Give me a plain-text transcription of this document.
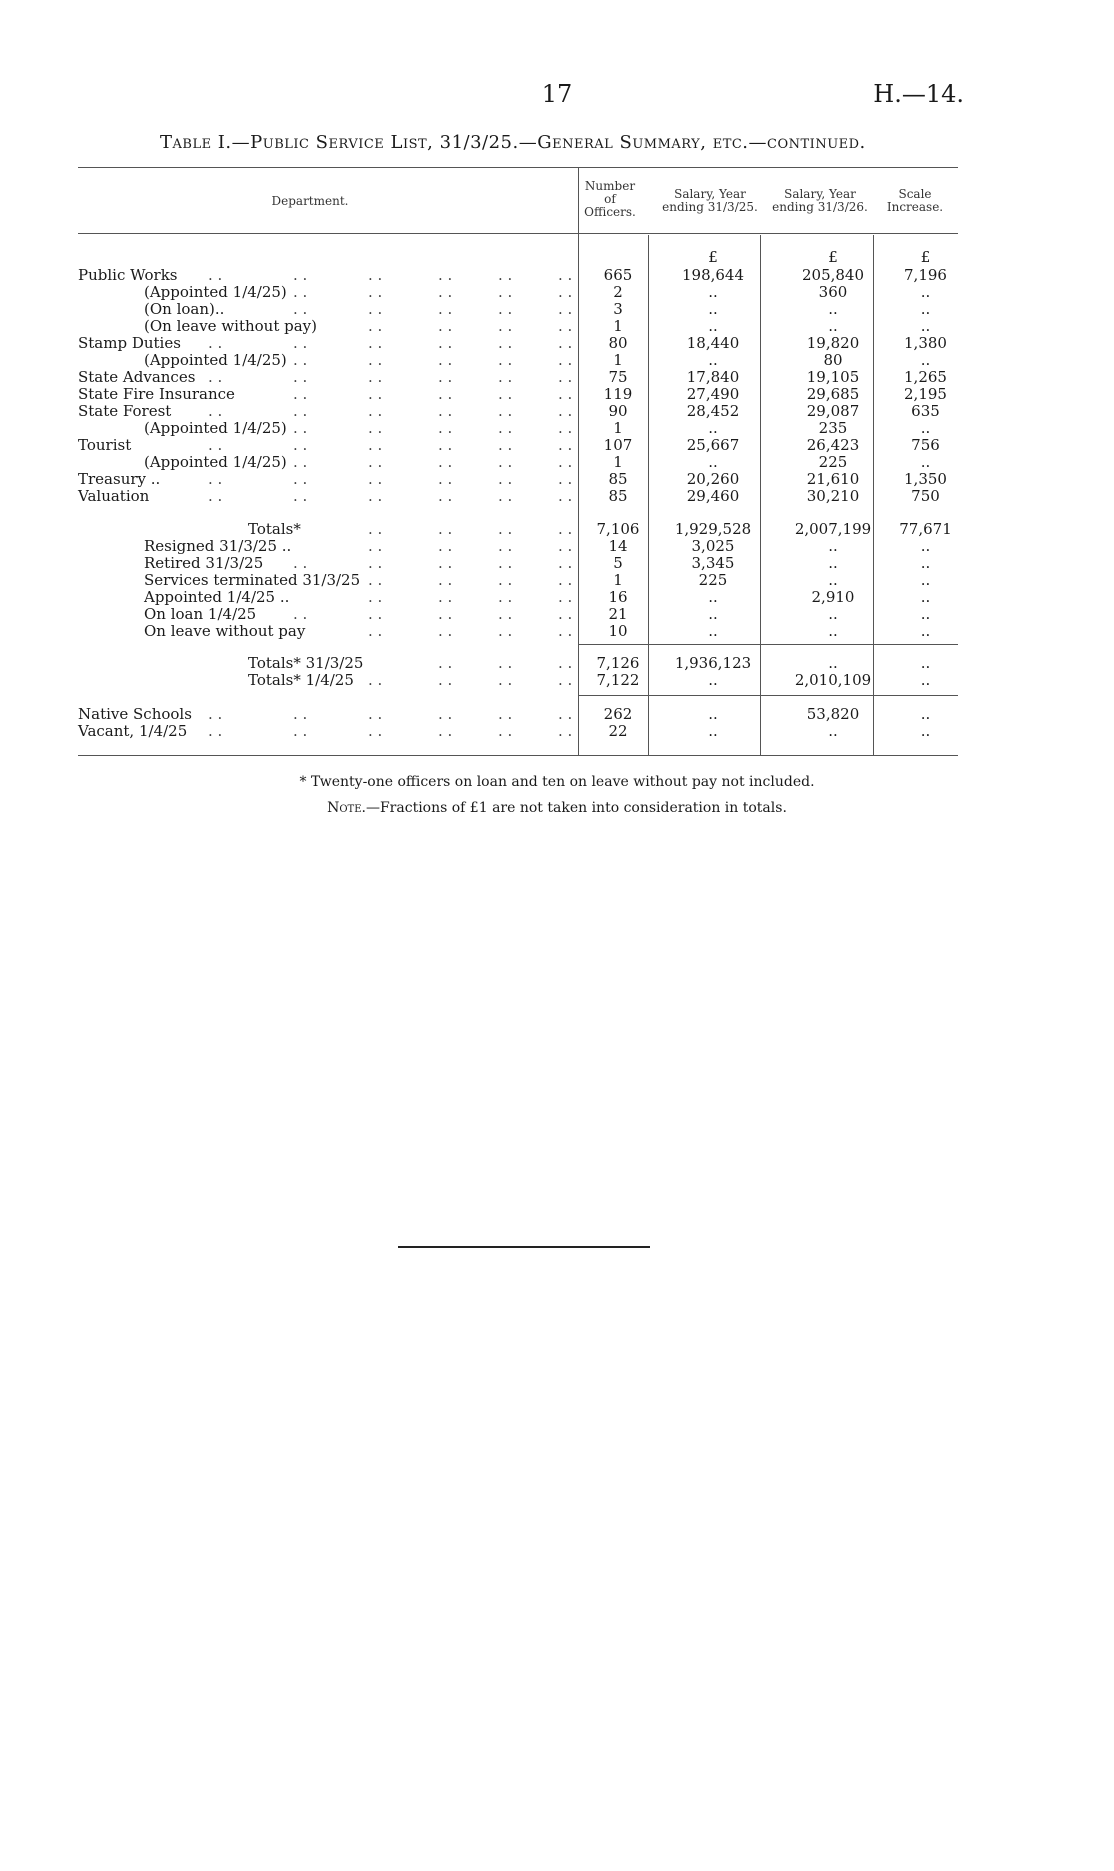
17	H.—14.
Table I.—Public Service List, 31/3/25.—General Summary, etc.—continued.
Department.
Number of Officers.
Salary, Year ending 31/3/25.
Salary, Year ending 31/3/26.
Scale Increase.
£	£	£
Public Works . .	. .	. .	. .	. .	. .	665	198,644	205,840	7,196
(Appointed 1/4/25) . .	. .	. .	. .	. .	2	..	360	..
(On loan)..	. .	. .	. .	. .	. .	3	..	..	..
(On leave without pay)	. .	. .	. .	. .	1	..	..	..
Stamp Duties . .	. .	. .	. .	. .	. .	80	18,440	19,820	1,380
(Appointed 1/4/25) . .	. .	. .	. .	. .	1	..	80	..
State Advances . .	. .	. .	. .	. .	. .	75	17,840	19,105	1,265
State Fire Insurance	. .	. .	. .	. .	. .	119	27,490	29,685	2,195
State Forest . .	. .	. .	. .	. .	. .	90	28,452	29,087	635
(Appointed 1/4/25) . .	. .	. .	. .	. .	1	..	235	..
Tourist	. .	. .	. .	. .	. .	. .	107	25,667	26,423	756
(Appointed 1/4/25) . .	. .	. .	. .	. .	1	..	225	..
Treasury ..	. .	. .	. .	. .	. .	. .	85	20,260	21,610	1,350
Valuation	. .	. .	. .	. .	. .	. .	85	29,460	30,210	750
Totals*	. .	. .	. .	. .	7,106	1,929,528	2,007,199	77,671
Resigned 31/3/25 ..	. .	. .	. .	. .	14	3,025	..	..
Retired 31/3/25 . .	. .	. .	. .	. .	5	3,345	..	..
Services terminated 31/3/25 . .	. .	. .	. .	1	225	..	..
Appointed 1/4/25 ..	. .	. .	. .	. .	16	..	2,910	..
On loan 1/4/25 . .	. .	. .	. .	. .	21	..	..	..
On leave without pay	. .	. .	. .	. .	10	..	..	..
Totals* 31/3/25	. .	. .	. .	7,126	1,936,123	..	..
Totals* 1/4/25 . .	. .	. .	. .	7,122	..	2,010,109	..
Native Schools . .	. .	. .	. .	. .	. .	262	..	53,820	..
Vacant, 1/4/25 . .	. .	. .	. .	. .	. .	22	..	..	..
* Twenty-one officers on loan and ten on leave without pay not included.
Note.—Fractions of £1 are not taken into consideration in totals.
